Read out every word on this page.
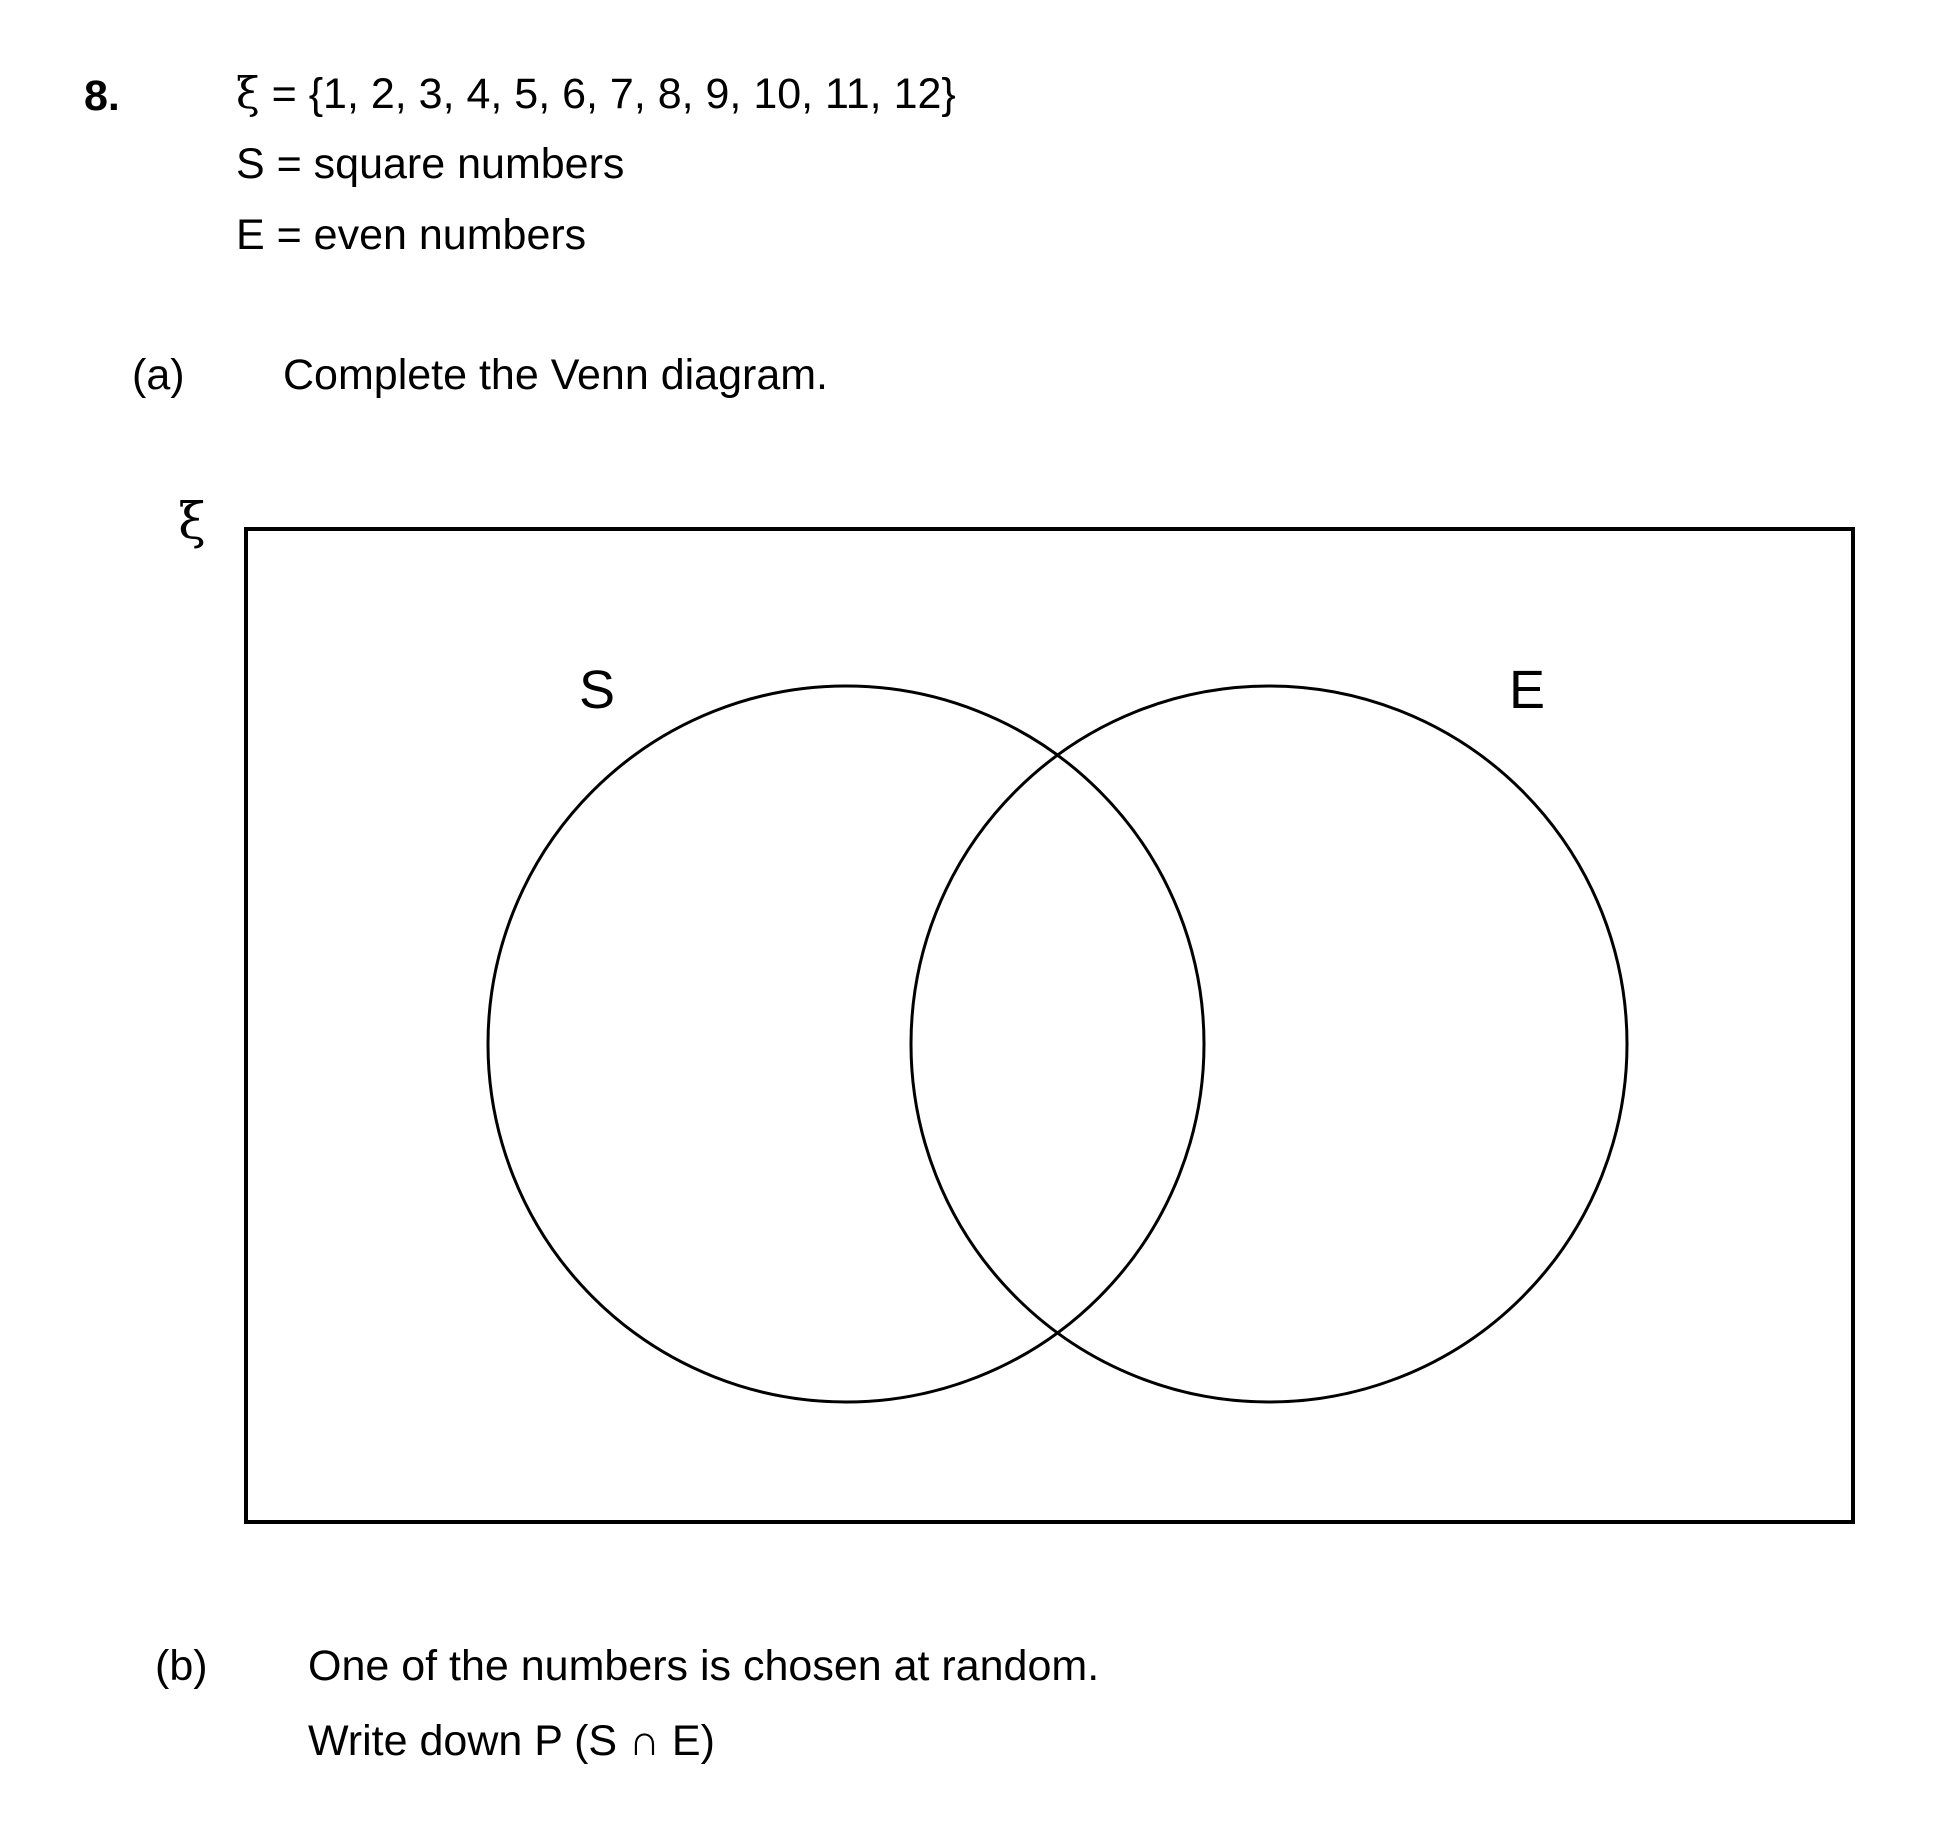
8.	ξ = {1, 2, 3, 4, 5, 6, 7, 8, 9, 10, 11, 12}
S = square numbers
E = even numbers
(a) Complete the Venn diagram.
ξ
S	E
(b) One of the numbers is chosen at random.
Write down P (S ∩ E)
